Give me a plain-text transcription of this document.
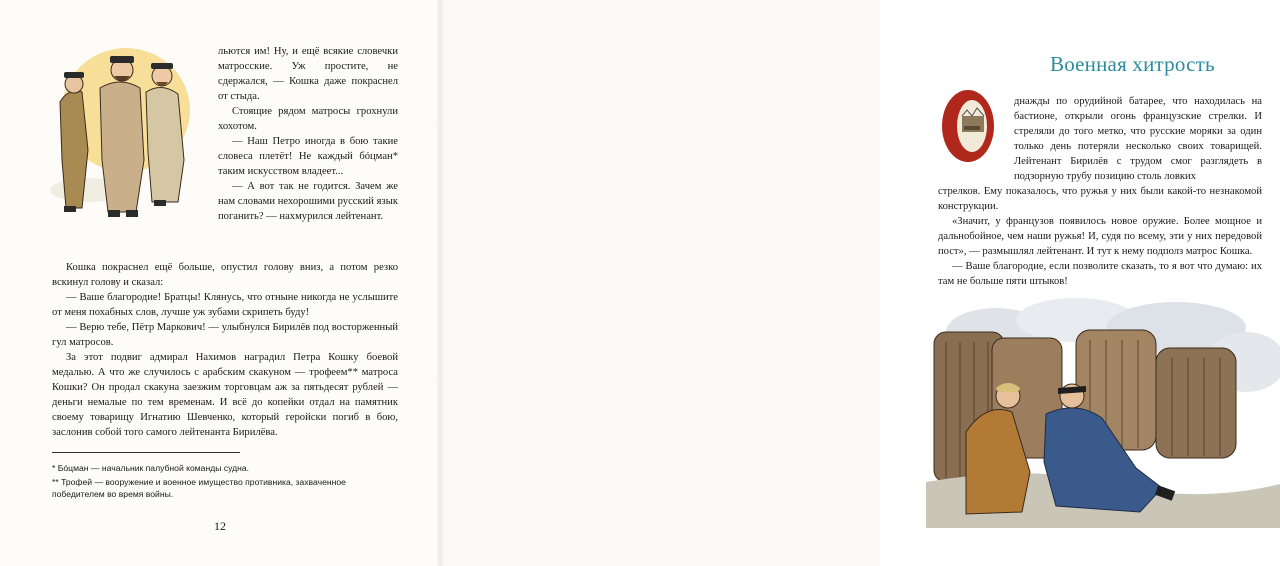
льются им! Ну, и ещё всякие словечки матросские. Уж простите, не сдержался, — Кошка даже покраснел от стыда.

Стоящие рядом матросы грохнули хохотом.

— Наш Петро иногда в бою такие словеса плетёт! Не каждый бóцман* таким искусством владеет...

— А вот так не годится. Зачем же нам словами нехорошими русский язык поганить? — нахмурился лейтенант.

Кошка покраснел ещё больше, опустил голову вниз, а потом резко вскинул голову и сказал:

— Ваше благородие! Братцы! Клянусь, что отныне никогда не услышите от меня похабных слов, лучше уж зубами скрипеть буду!

— Верю тебе, Пётр Маркович! — улыбнулся Бирилёв под восторженный гул матросов.

За этот подвиг адмирал Нахимов наградил Петра Кошку боевой медалью. А что же случилось с арабским скакуном — трофеем** матроса Кошки? Он продал скакуна заезжим торговцам аж за пятьдесят рублей — деньги немалые по тем временам. И всё до копейки отдал на памятник своему товарищу Игнатию Шевченко, который геройски погиб в бою, заслонив собой того самого лейтенанта Бирилёва.

* Бóцман — начальник палубной команды судна.

** Трофей — вооружение и военное имущество противника, захваченное победителем во время войны.

12
Военная хитрость
О

днажды по орудийной батарее, что находилась на бастионе, открыли огонь французские стрелки. И стреляли до того метко, что русские моряки за один только день потеряли несколько своих товарищей. Лейтенант Бирилёв с трудом смог разглядеть в подзорную трубу позицию столь ловких

стрелков. Ему показалось, что ружья у них были какой-то незнакомой конструкции.

«Значит, у французов появилось новое оружие. Более мощное и дальнобойное, чем наши ружья! И, судя по всему, эти у них передовой пост», — размышлял лейтенант. И тут к нему подполз матрос Кошка.

— Ваше благородие, если позволите сказать, то я вот что думаю: их там не больше пяти штыков!
